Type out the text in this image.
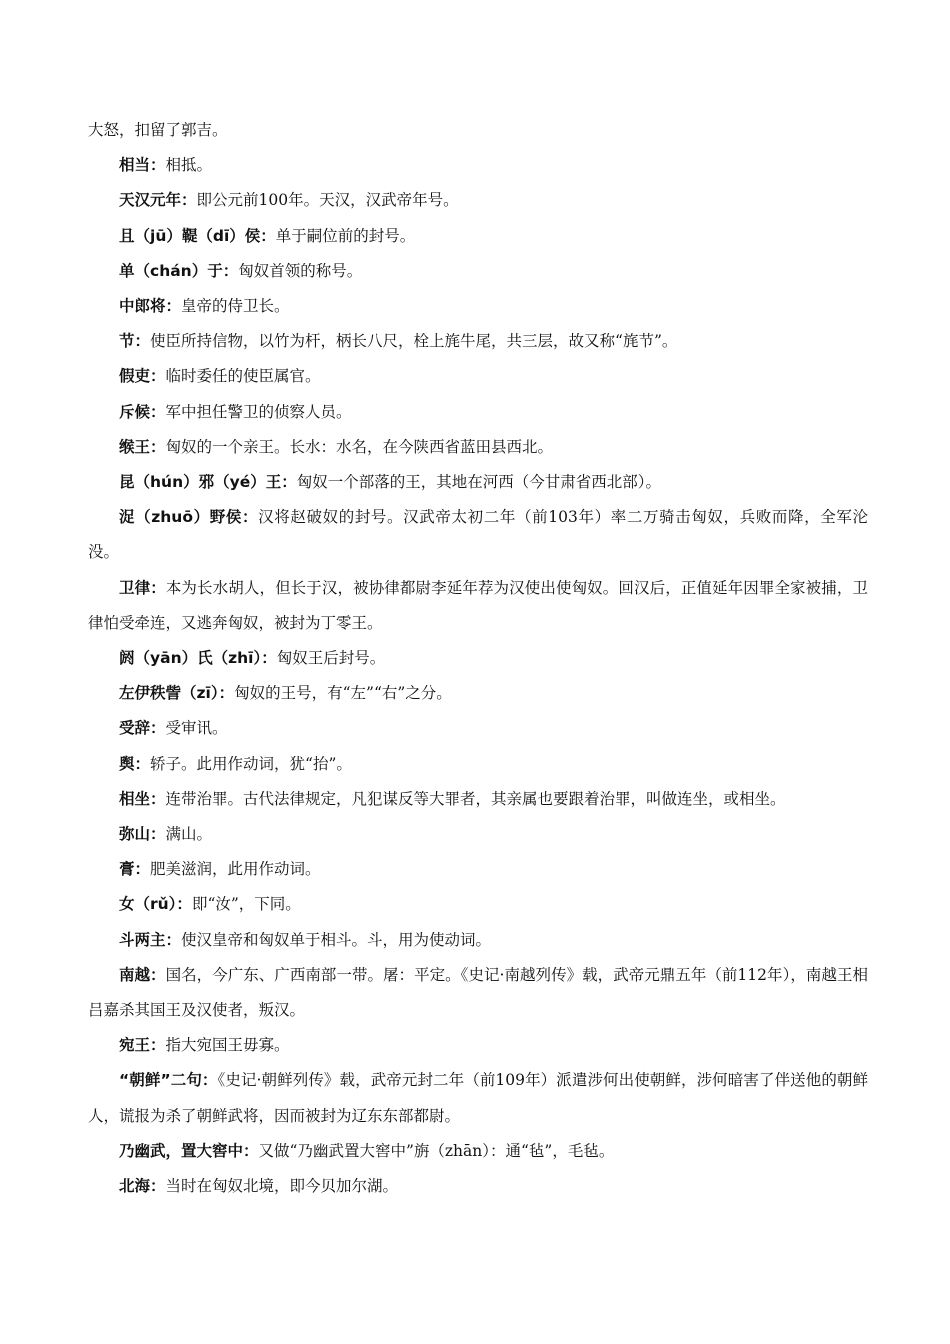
大怒，扣留了郭吉。

相当：相抵。

天汉元年：即公元前100年。天汉，汉武帝年号。

且（jū）鞮（dī）侯：单于嗣位前的封号。

单（chán）于：匈奴首领的称号。

中郎将：皇帝的侍卫长。

节：使臣所持信物，以竹为杆，柄长八尺，栓上旄牛尾，共三层，故又称“旄节”。

假吏：临时委任的使臣属官。

斥候：军中担任警卫的侦察人员。

缑王：匈奴的一个亲王。长水：水名，在今陕西省蓝田县西北。

昆（hún）邪（yé）王：匈奴一个部落的王，其地在河西（今甘肃省西北部）。

浞（zhuō）野侯：汉将赵破奴的封号。汉武帝太初二年（前103年）率二万骑击匈奴，兵败而降，全军沦没。

卫律：本为长水胡人，但长于汉，被协律都尉李延年荐为汉使出使匈奴。回汉后，正值延年因罪全家被捕，卫律怕受牵连，又逃奔匈奴，被封为丁零王。

阏（yān）氏（zhī）：匈奴王后封号。

左伊秩訾（zī）：匈奴的王号，有“左”“右”之分。

受辞：受审讯。

舆：轿子。此用作动词，犹“抬”。

相坐：连带治罪。古代法律规定，凡犯谋反等大罪者，其亲属也要跟着治罪，叫做连坐，或相坐。

弥山：满山。

膏：肥美滋润，此用作动词。

女（rǔ）：即“汝”，下同。

斗两主：使汉皇帝和匈奴单于相斗。斗，用为使动词。

南越：国名，今广东、广西南部一带。屠：平定。《史记·南越列传》载，武帝元鼎五年（前112年），南越王相吕嘉杀其国王及汉使者，叛汉。

宛王：指大宛国王毋寡。

“朝鲜”二句：《史记·朝鲜列传》载，武帝元封二年（前109年）派遣涉何出使朝鲜，涉何暗害了伴送他的朝鲜人，谎报为杀了朝鲜武将，因而被封为辽东东部都尉。

乃幽武，置大窖中：又做“乃幽武置大窖中”旃（zhān）：通“毡”，毛毡。

北海：当时在匈奴北境，即今贝加尔湖。
